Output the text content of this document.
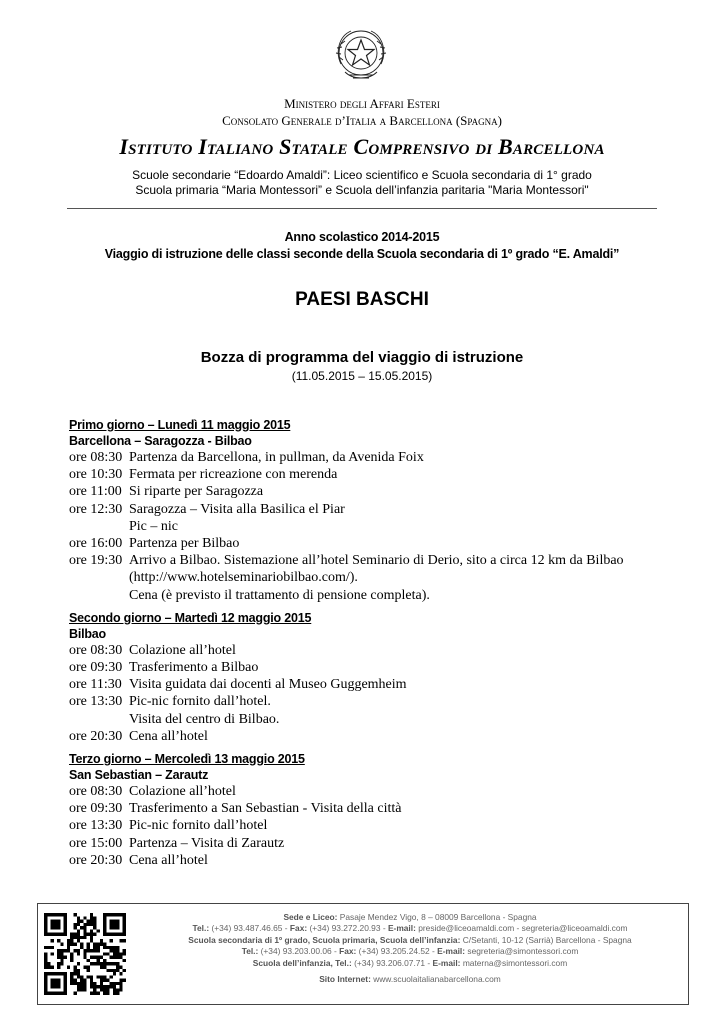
Ministero degli Affari Esteri
Consolato Generale d’Italia a Barcellona (Spagna)
Istituto Italiano Statale Comprensivo di Barcellona
Scuole secondarie “Edoardo Amaldi”: Liceo scientifico e Scuola secondaria di 1° grado
Scuola primaria “Maria Montessori” e Scuola dell’infanzia paritaria "Maria Montessori"
Anno scolastico 2014-2015
Viaggio di istruzione delle classi seconde della Scuola secondaria di 1º grado “E. Amaldi”
PAESI BASCHI
Bozza di programma del viaggio di istruzione
(11.05.2015 – 15.05.2015)
Primo giorno – Lunedì 11 maggio 2015
Barcellona – Saragozza - Bilbao
ore 08:30 Partenza da Barcellona, in pullman, da Avenida Foix
ore 10:30 Fermata per ricreazione con merenda
ore 11:00 Si riparte per Saragozza
ore 12:30 Saragozza – Visita alla Basilica el Piar
Pic – nic
ore 16:00 Partenza per Bilbao
ore 19:30 Arrivo a Bilbao. Sistemazione all’hotel Seminario di Derio, sito a circa 12 km da Bilbao
(http://www.hotelseminariobilbao.com/).
Cena (è previsto il trattamento di pensione completa).
Secondo giorno – Martedì 12 maggio 2015
Bilbao
ore 08:30 Colazione all’hotel
ore 09:30 Trasferimento a Bilbao
ore 11:30 Visita guidata dai docenti al Museo Guggemheim
ore 13:30 Pic-nic fornito dall’hotel.
Visita del centro di Bilbao.
ore 20:30 Cena all’hotel
Terzo giorno – Mercoledì 13 maggio 2015
San Sebastian – Zarautz
ore 08:30 Colazione all’hotel
ore 09:30 Trasferimento a San Sebastian - Visita della città
ore 13:30 Pic-nic fornito dall’hotel
ore 15:00 Partenza – Visita di Zarautz
ore 20:30 Cena all’hotel
Sede e Liceo: Pasaje Mendez Vigo, 8 – 08009 Barcellona - Spagna
Tel.: (+34) 93.487.46.65 - Fax: (+34) 93.272.20.93 - E-mail: preside@liceoamaldi.com - segreteria@liceoamaldi.com
Scuola secondaria di 1º grado, Scuola primaria, Scuola dell’infanzia: C/Setanti, 10-12 (Sarrià) Barcellona - Spagna
Tel.: (+34) 93.203.00.06 - Fax: (+34) 93.205.24.52 - E-mail: segreteria@simontessori.com
Scuola dell’infanzia, Tel.: (+34) 93.206.07.71 - E-mail: materna@simontessori.com
Sito Internet: www.scuolaitalianabarcellona.com
